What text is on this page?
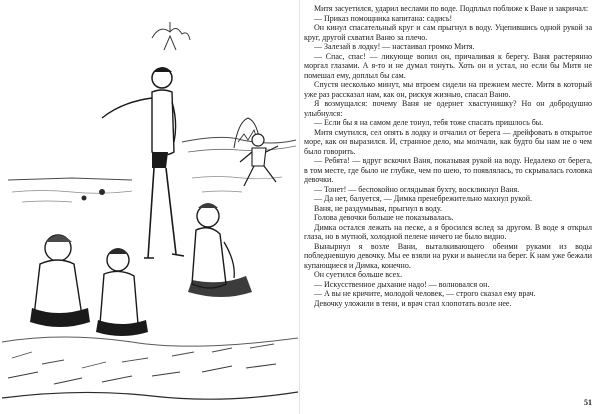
Митя засуетился, ударил веслами по воде. Подплыл поближе к Ване и закричал:

— Приказ помощника капитана: садись!

Он кинул спасательный круг и сам прыгнул в воду. Уцепившись одной рукой за круг, другой схватил Ваню за плечо.

— Залезай в лодку! — настаивал громко Митя.

— Спас, спас! — ликующе вопил он, причаливая к берегу. Ваня растерянно моргал глазами. А я-то и не думал тонуть. Хоть он и устал, но если бы Митя не помешал ему, доплыл бы сам.

Спустя несколько минут, мы втроем сидели на прежнем месте. Митя в который уже раз рассказал нам, как он, рискуя жизнью, спасал Ваню.

Я возмущался: почему Ваня не одернет хвастунишку? Но он добродушно улыбнулся:

— Если бы я на самом деле тонул, тебя тоже спасать пришлось бы.

Митя смутился, сел опять в лодку и отчалил от берега — дрейфовать в открытое море, как он выразился. И, странное дело, мы молчали, как будто бы нам не о чем было говорить.

— Ребята! — вдруг вскочил Ваня, показывая рукой на воду. Недалеко от берега, в том месте, где было не глубже, чем по шею, то появлялась, то скрывалась головка девочки.

— Тонет! — беспокойно оглядывая бухту, воскликнул Ваня.

— Да нет, балуется, — Димка пренебрежительно махнул рукой.

Ваня, не раздумывая, прыгнул в воду.

Голова девочки больше не показывалась.

Димка остался лежать на песке, а я бросился вслед за другом. В воде я открыл глаза, но в мутной, холодной пелене ничего не было видно.

Вынырнул я возле Вани, выталкивающего обеими руками из воды побледневшую девочку. Мы ее взяли на руки и вынесли на берег. К нам уже бежали купающиеся и Димка, конечно.

Он суетился больше всех.

— Искусственное дыхание надо! — волновался он.

— А вы не кричите, молодой человек, — строго сказал ему врач.

Девочку уложили в тени, и врач стал хлопотать возле нее.

51
